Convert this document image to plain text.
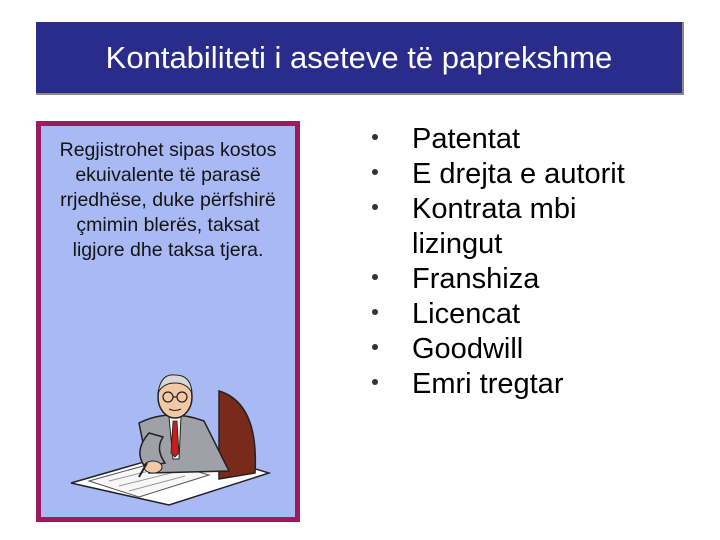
Kontabiliteti i aseteve të paprekshme
Regjistrohet sipas kostos ekuivalente të parasë rrjedhëse, duke përfshirë çmimin blerës, taksat ligjore dhe taksa tjera.
Patentat
E drejta e autorit
Kontrata mbi lizingut
Franshiza
Licencat
Goodwill
Emri tregtar
